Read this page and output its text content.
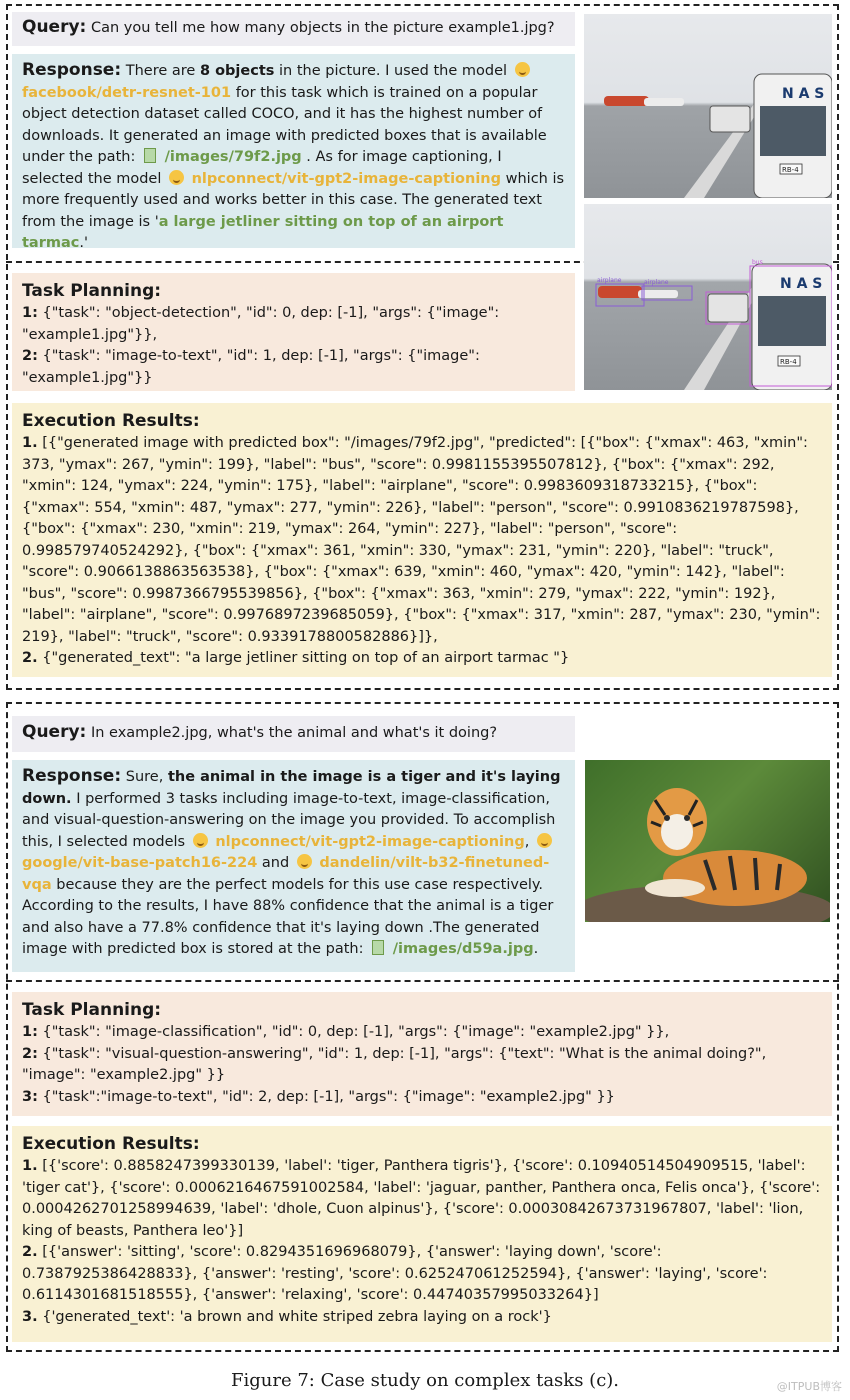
Query: Can you tell me how many objects in the picture example1.jpg?
Response: There are 8 objects in the picture. I used the model  facebook/detr-resnet-101 for this task which is trained on a popular object detection dataset called COCO, and it has the highest number of downloads. It generated an image with predicted boxes that is available under the path: /images/79f2.jpg . As for image captioning, I selected the model nlpconnect/vit-gpt2-image-captioning which is more frequently used and works better in this case. The generated text from the image is 'a large jetliner sitting on top of an airport tarmac.'
N A S
RB-4
N A S
RB-4
airplane	airplane
bus
Task Planning:
1: {"task": "object-detection", "id": 0, dep: [-1], "args": {"image": "example1.jpg"}},
2: {"task": "image-to-text", "id": 1, dep: [-1], "args": {"image": "example1.jpg"}}
Execution Results:
1. [{"generated image with predicted box": "/images/79f2.jpg", "predicted": [{"box": {"xmax": 463, "xmin": 373, "ymax": 267, "ymin": 199}, "label": "bus", "score": 0.9981155395507812}, {"box": {"xmax": 292, "xmin": 124, "ymax": 224, "ymin": 175}, "label": "airplane", "score": 0.9983609318733215}, {"box": {"xmax": 554, "xmin": 487, "ymax": 277, "ymin": 226}, "label": "person", "score": 0.9910836219787598}, {"box": {"xmax": 230, "xmin": 219, "ymax": 264, "ymin": 227}, "label": "person", "score": 0.998579740524292}, {"box": {"xmax": 361, "xmin": 330, "ymax": 231, "ymin": 220}, "label": "truck", "score": 0.9066138863563538}, {"box": {"xmax": 639, "xmin": 460, "ymax": 420, "ymin": 142}, "label": "bus", "score": 0.9987366795539856}, {"box": {"xmax": 363, "xmin": 279, "ymax": 222, "ymin": 192}, "label": "airplane", "score": 0.9976897239685059}, {"box": {"xmax": 317, "xmin": 287, "ymax": 230, "ymin": 219}, "label": "truck", "score": 0.9339178800582886}]},
2. {"generated_text": "a large jetliner sitting on top of an airport tarmac "}
Query: In example2.jpg, what's the animal and what's it doing?
Response: Sure, the animal in the image is a tiger and it's laying down. I performed 3 tasks including image-to-text, image-classification, and visual-question-answering on the image you provided. To accomplish this, I selected models nlpconnect/vit-gpt2-image-captioning,  google/vit-base-patch16-224 and dandelin/vilt-b32-finetuned-vqa because they are the perfect models for this use case respectively. According to the results, I have 88% confidence that the animal is a tiger and also have a 77.8% confidence that it's laying down .The generated image with predicted box is stored at the path: /images/d59a.jpg.
Task Planning:
1: {"task": "image-classification", "id": 0, dep: [-1], "args": {"image": "example2.jpg" }},
2: {"task": "visual-question-answering", "id": 1, dep: [-1], "args": {"text": "What is the animal doing?", "image": "example2.jpg" }}
3: {"task":"image-to-text", "id": 2, dep: [-1], "args": {"image": "example2.jpg" }}
Execution Results:
1. [{'score': 0.8858247399330139, 'label': 'tiger, Panthera tigris'}, {'score': 0.10940514504909515, 'label': 'tiger cat'}, {'score': 0.0006216467591002584, 'label': 'jaguar, panther, Panthera onca, Felis onca'}, {'score': 0.0004262701258994639, 'label': 'dhole, Cuon alpinus'}, {'score': 0.00030842673731967807, 'label': 'lion, king of beasts, Panthera leo'}]
2. [{'answer': 'sitting', 'score': 0.8294351696968079}, {'answer': 'laying down', 'score': 0.7387925386428833}, {'answer': 'resting', 'score': 0.625247061252594}, {'answer': 'laying', 'score': 0.6114301681518555}, {'answer': 'relaxing', 'score': 0.44740357995033264}]
3. {'generated_text': 'a brown and white striped zebra laying on a rock'}
Figure 7: Case study on complex tasks (c).	@ITPUB博客
